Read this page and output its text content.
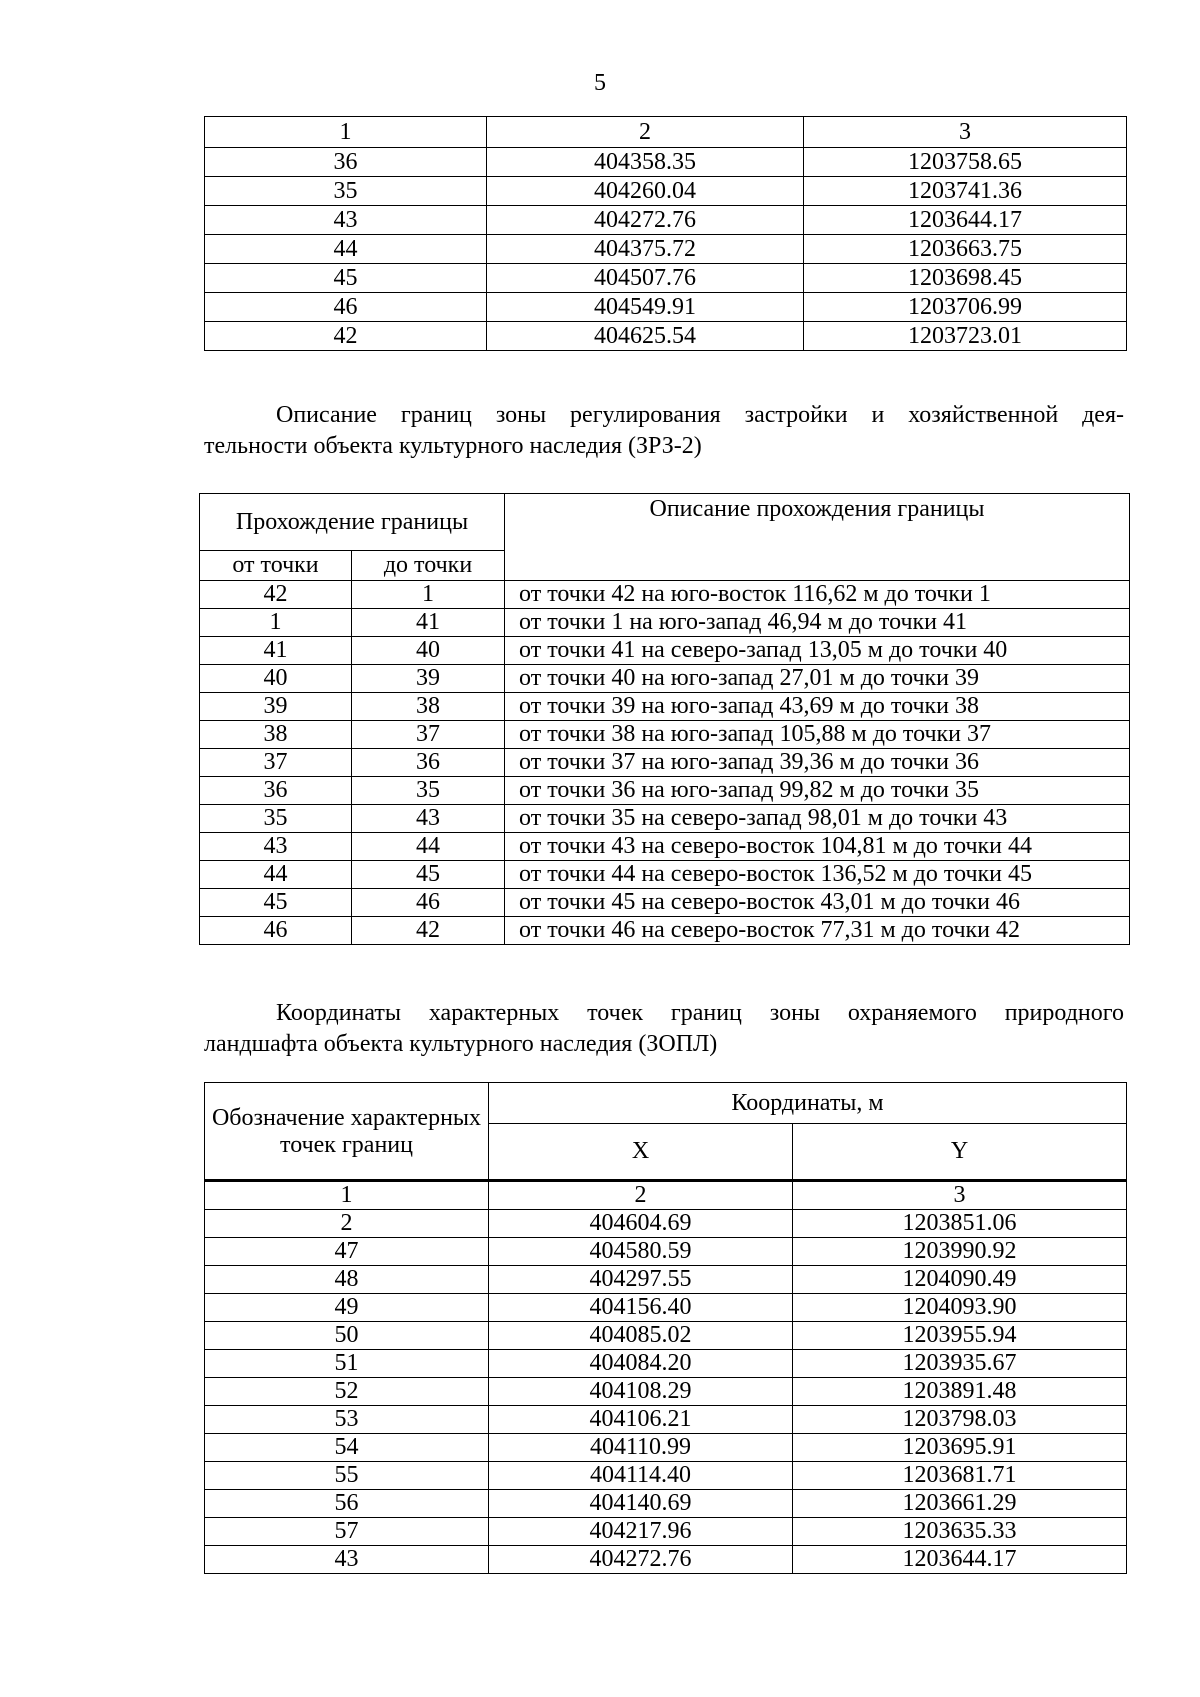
5
1	2	3
36	404358.35	1203758.65
35	404260.04	1203741.36
43	404272.76	1203644.17
44	404375.72	1203663.75
45	404507.76	1203698.45
46	404549.91	1203706.99
42	404625.54	1203723.01
Описание границ зоны регулирования застройки и хозяйственной дея-
тельности объекта культурного наследия (ЗРЗ-2)
Прохождение границы		Описание прохождения границы
от точки	до точки	
42	1	от точки 42 на юго-восток 116,62 м до точки 1
1	41	от точки 1 на юго-запад 46,94 м до точки 41
41	40	от точки 41 на северо-запад 13,05 м до точки 40
40	39	от точки 40 на юго-запад 27,01 м до точки 39
39	38	от точки 39 на юго-запад 43,69 м до точки 38
38	37	от точки 38 на юго-запад 105,88 м до точки 37
37	36	от точки 37 на юго-запад 39,36 м до точки 36
36	35	от точки 36 на юго-запад 99,82 м до точки 35
35	43	от точки 35 на северо-запад 98,01 м до точки 43
43	44	от точки 43 на северо-восток 104,81 м до точки 44
44	45	от точки 44 на северо-восток 136,52 м до точки 45
45	46	от точки 45 на северо-восток 43,01 м до точки 46
46	42	от точки 46 на северо-восток 77,31 м до точки 42
Координаты характерных точек границ зоны охраняемого природного
ландшафта объекта культурного наследия (ЗОПЛ)
Обозначение характерных точек границ	Координаты, м	
	X	Y
1	2	3
2	404604.69	1203851.06
47	404580.59	1203990.92
48	404297.55	1204090.49
49	404156.40	1204093.90
50	404085.02	1203955.94
51	404084.20	1203935.67
52	404108.29	1203891.48
53	404106.21	1203798.03
54	404110.99	1203695.91
55	404114.40	1203681.71
56	404140.69	1203661.29
57	404217.96	1203635.33
43	404272.76	1203644.17
